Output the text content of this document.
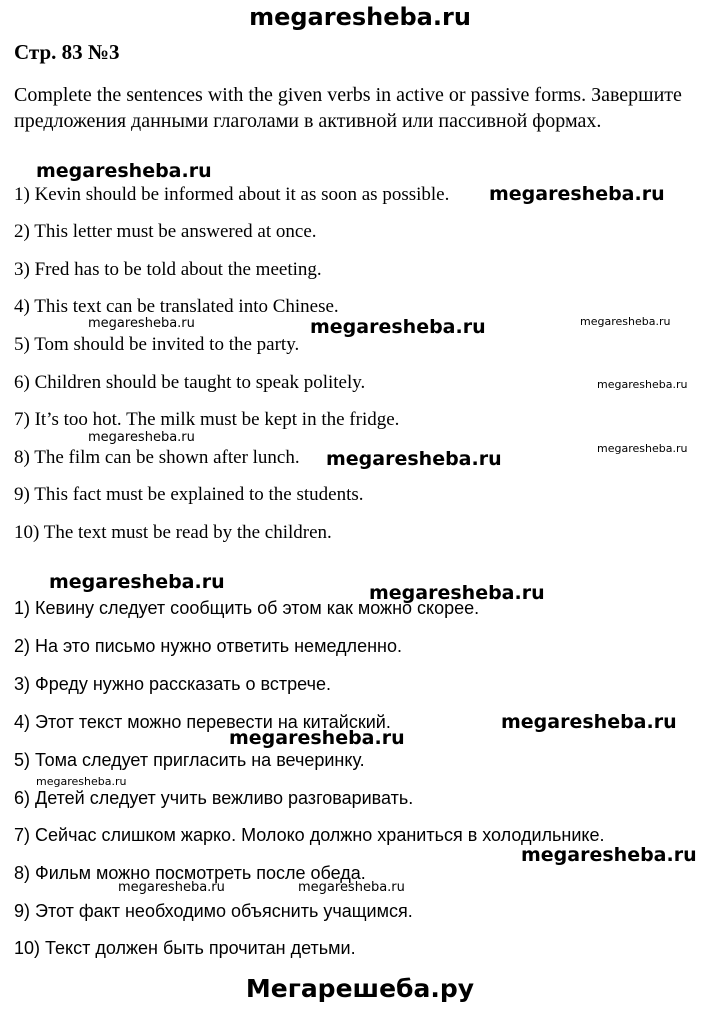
megaresheba.ru
Стр. 83 №3
Complete the sentences with the given verbs in active or passive forms. Завершите предложения данными глаголами в активной или пассивной формах.
1) Kevin should be informed about it as soon as possible.
2) This letter must be answered at once.
3) Fred has to be told about the meeting.
4) This text can be translated into Chinese.
5) Tom should be invited to the party.
6) Children should be taught to speak politely.
7) It’s too hot. The milk must be kept in the fridge.
8) The film can be shown after lunch.
9) This fact must be explained to the students.
10) The text must be read by the children.
1) Кевину следует сообщить об этом как можно скорее.
2) На это письмо нужно ответить немедленно.
3) Фреду нужно рассказать о встрече.
4) Этот текст можно перевести на китайский.
5) Тома следует пригласить на вечеринку.
6) Детей следует учить вежливо разговаривать.
7) Сейчас слишком жарко. Молоко должно храниться в холодильнике.
8) Фильм можно посмотреть после обеда.
9) Этот факт необходимо объяснить учащимся.
10) Текст должен быть прочитан детьми.
megaresheba.ru
megaresheba.ru
megaresheba.ru	megaresheba.ru	megaresheba.ru
megaresheba.ru
megaresheba.ru
megaresheba.ru
megaresheba.ru
megaresheba.ru	megaresheba.ru
megaresheba.ru
megaresheba.ru
megaresheba.ru
megaresheba.ru
megaresheba.ru	megaresheba.ru
Мегарешеба.ру
